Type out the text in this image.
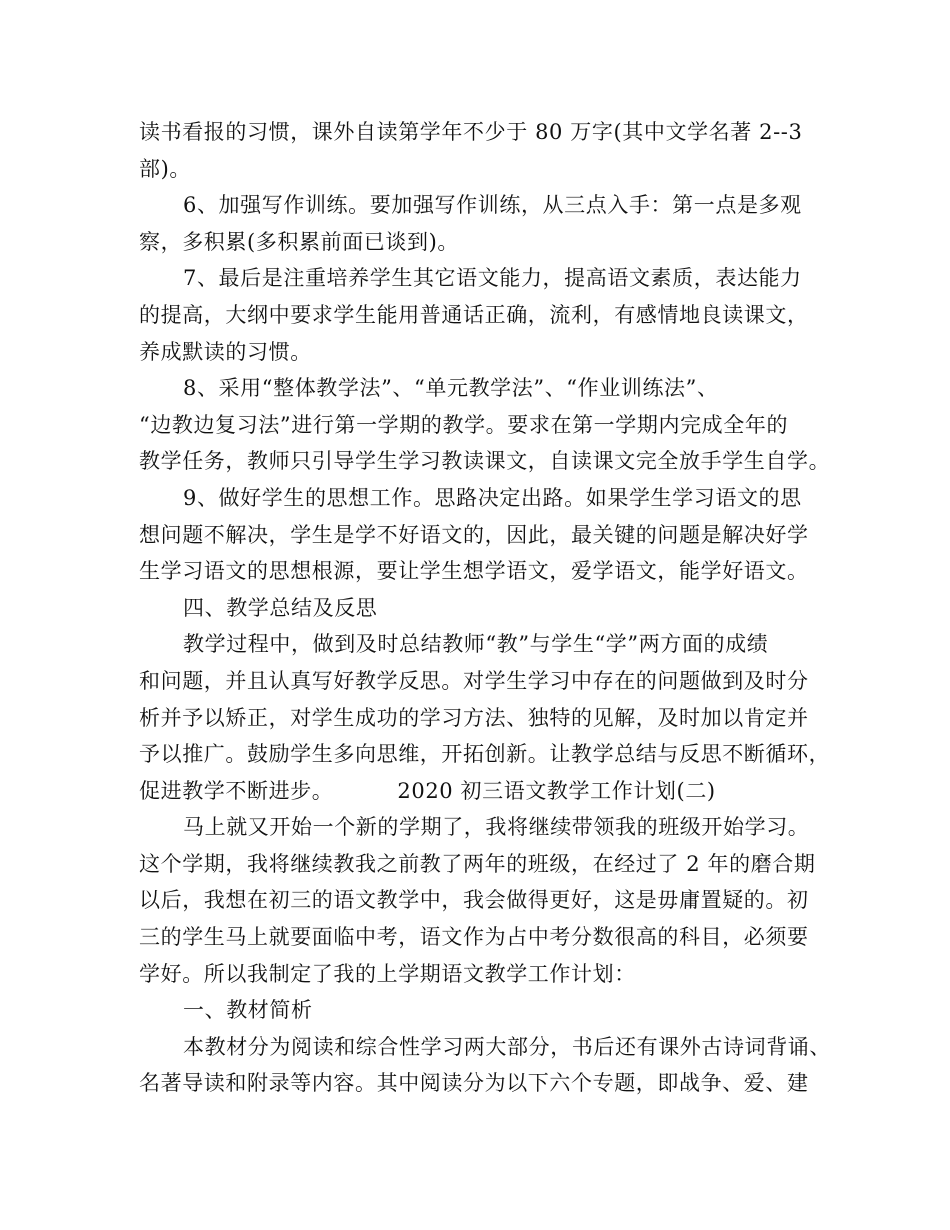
读书看报的习惯，课外自读第学年不少于 80 万字(其中文学名著 2--3
部)。
6、加强写作训练。要加强写作训练，从三点入手：第一点是多观
察，多积累(多积累前面已谈到)。
7、最后是注重培养学生其它语文能力，提高语文素质，表达能力
的提高，大纲中要求学生能用普通话正确，流利，有感情地良读课文，
养成默读的习惯。
8、采用“整体教学法”、“单元教学法”、“作业训练法”、
“边教边复习法”进行第一学期的教学。要求在第一学期内完成全年的
教学任务，教师只引导学生学习教读课文，自读课文完全放手学生自学。
9、做好学生的思想工作。思路决定出路。如果学生学习语文的思
想问题不解决，学生是学不好语文的，因此，最关键的问题是解决好学
生学习语文的思想根源，要让学生想学语文，爱学语文，能学好语文。
四、教学总结及反思
教学过程中，做到及时总结教师“教”与学生“学”两方面的成绩
和问题，并且认真写好教学反思。对学生学习中存在的问题做到及时分
析并予以矫正，对学生成功的学习方法、独特的见解，及时加以肯定并
予以推广。鼓励学生多向思维，开拓创新。让教学总结与反思不断循环，
促进教学不断进步。	2020 初三语文教学工作计划(二)
马上就又开始一个新的学期了，我将继续带领我的班级开始学习。
这个学期，我将继续教我之前教了两年的班级，在经过了 2 年的磨合期
以后，我想在初三的语文教学中，我会做得更好，这是毋庸置疑的。初
三的学生马上就要面临中考，语文作为占中考分数很高的科目，必须要
学好。所以我制定了我的上学期语文教学工作计划：
一、教材简析
本教材分为阅读和综合性学习两大部分，书后还有课外古诗词背诵、
名著导读和附录等内容。其中阅读分为以下六个专题，即战争、爱、建
